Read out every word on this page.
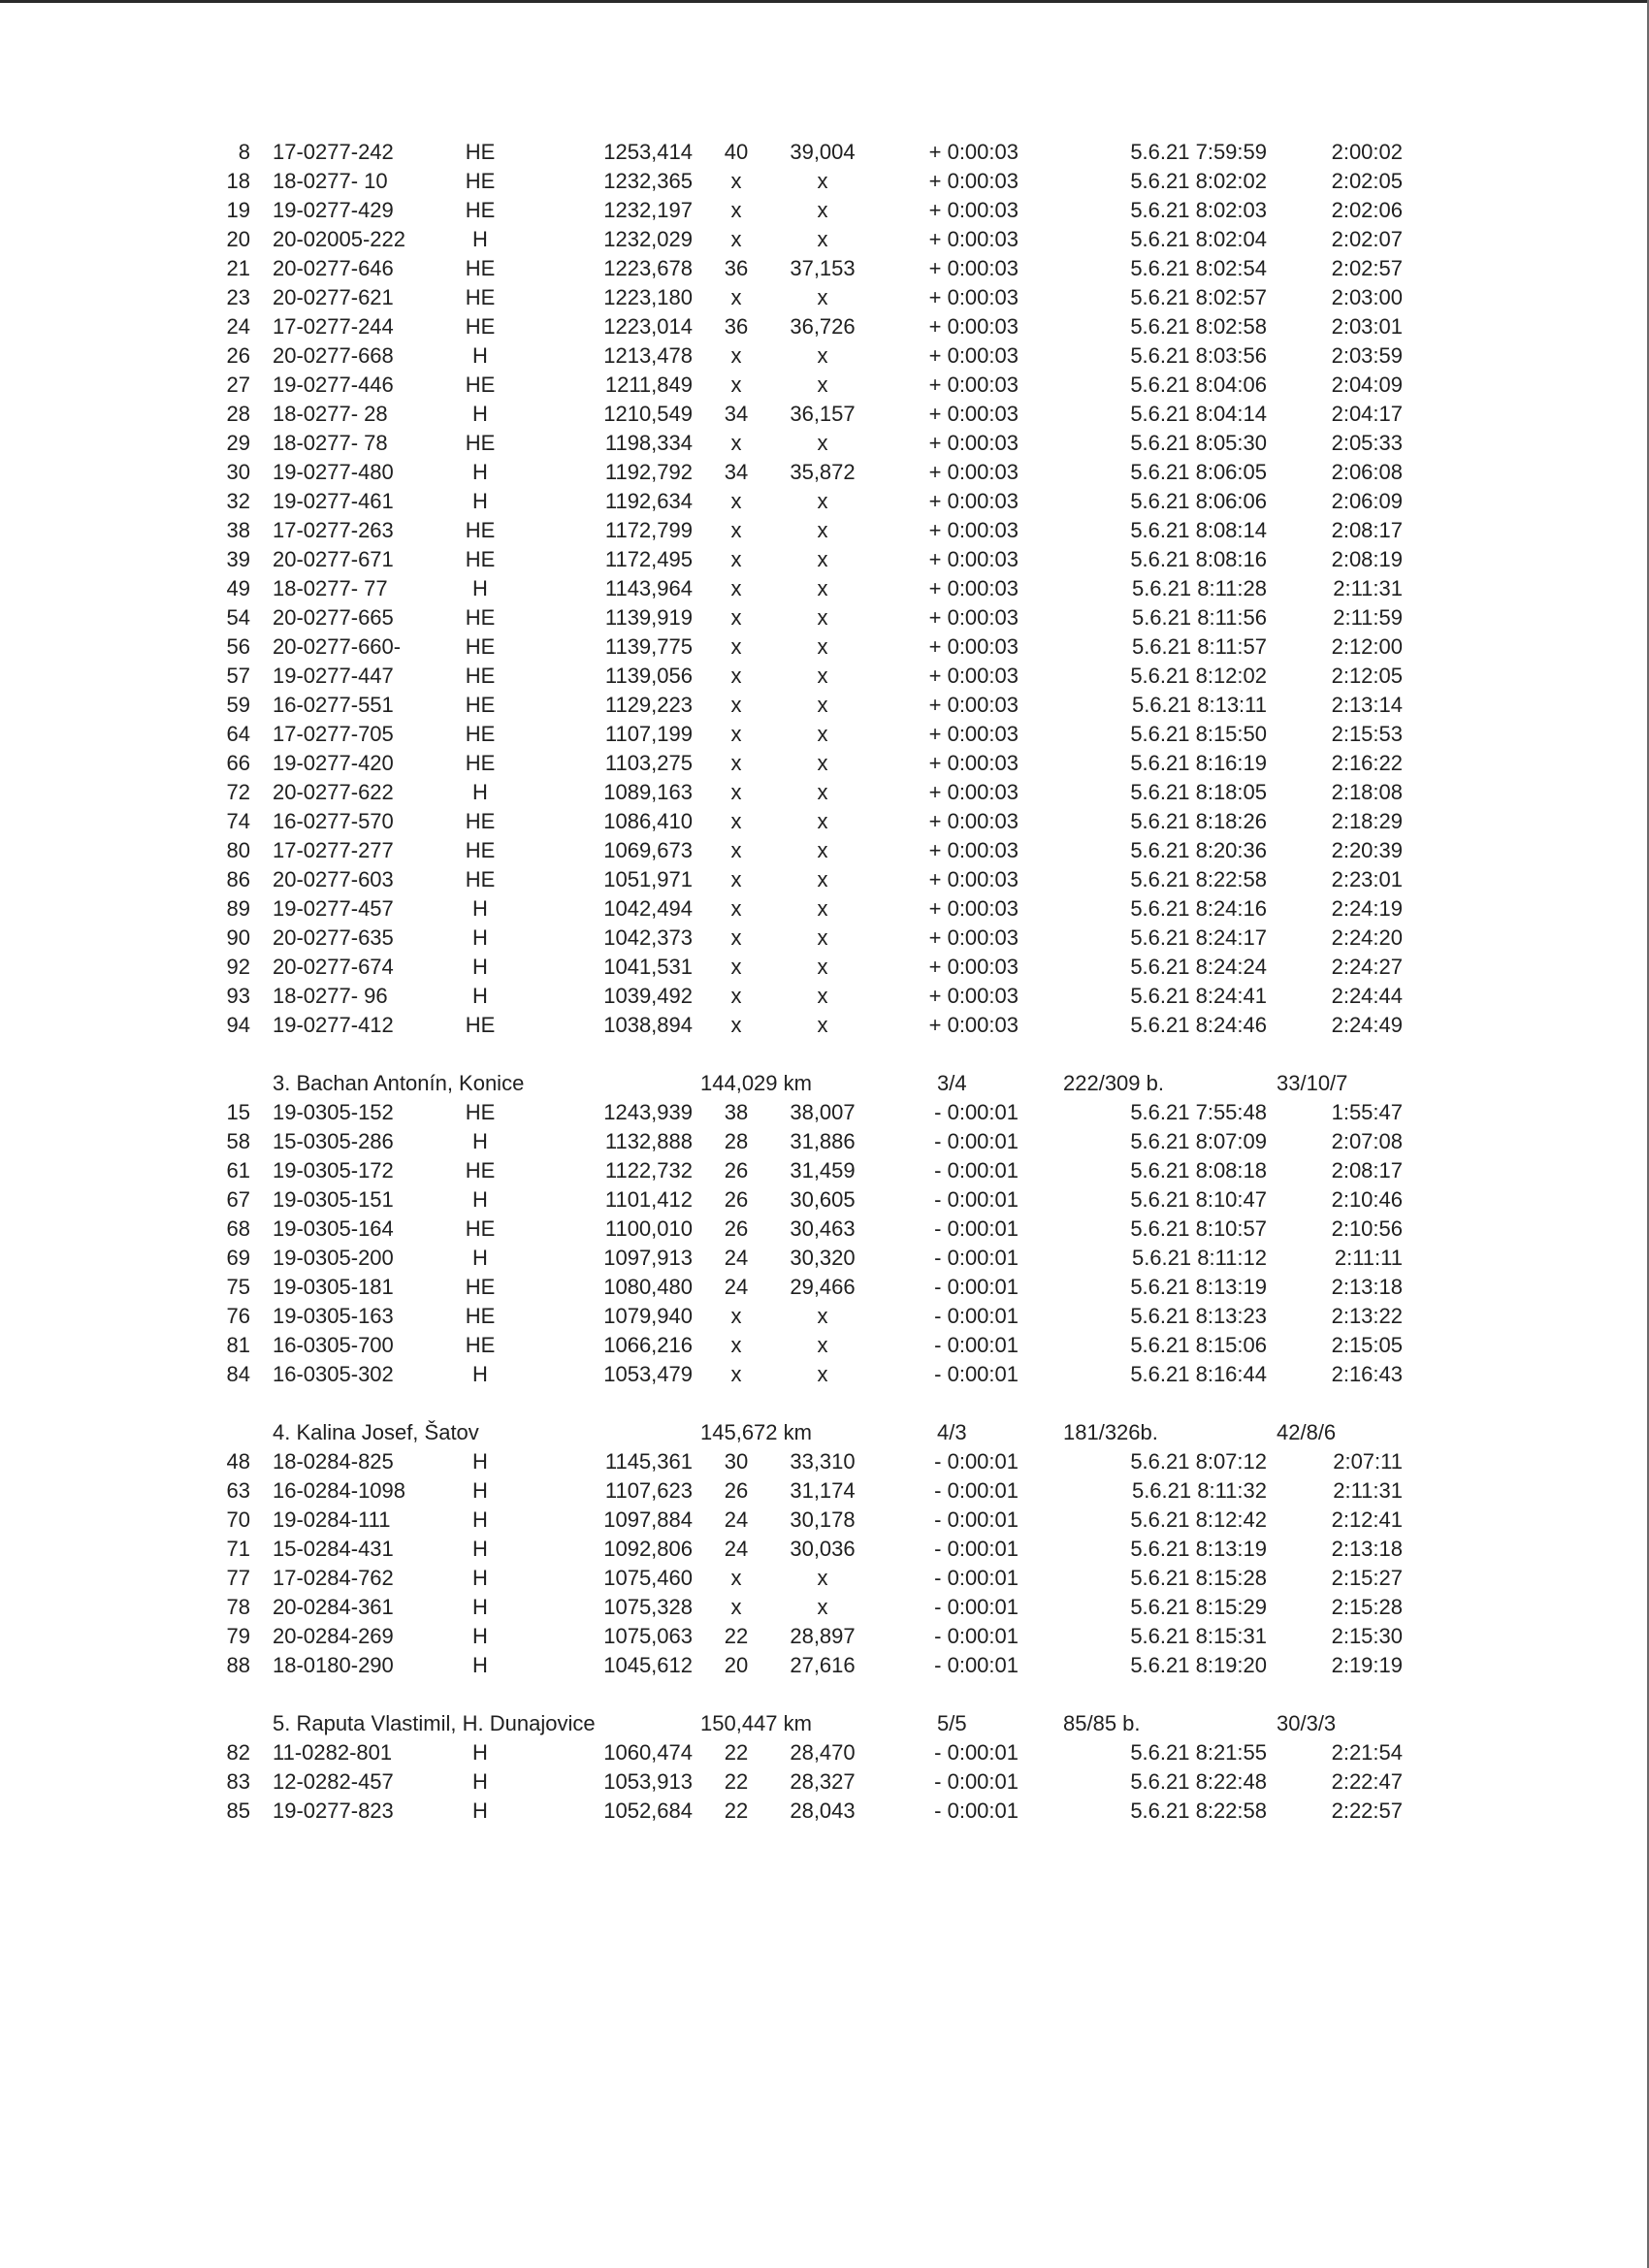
8 17-0277-242	HE	1253,414	40	39,004	+ 0:00:03	5.6.21 7:59:59	2:00:02
18 18-0277- 10	HE	1232,365	x	x	+ 0:00:03	5.6.21 8:02:02	2:02:05
19 19-0277-429	HE	1232,197	x	x	+ 0:00:03	5.6.21 8:02:03	2:02:06
20 20-02005-222	H	1232,029	x	x	+ 0:00:03	5.6.21 8:02:04	2:02:07
21 20-0277-646	HE	1223,678	36	37,153	+ 0:00:03	5.6.21 8:02:54	2:02:57
23 20-0277-621	HE	1223,180	x	x	+ 0:00:03	5.6.21 8:02:57	2:03:00
24 17-0277-244	HE	1223,014	36	36,726	+ 0:00:03	5.6.21 8:02:58	2:03:01
26 20-0277-668	H	1213,478	x	x	+ 0:00:03	5.6.21 8:03:56	2:03:59
27 19-0277-446	HE	1211,849	x	x	+ 0:00:03	5.6.21 8:04:06	2:04:09
28 18-0277- 28	H	1210,549	34	36,157	+ 0:00:03	5.6.21 8:04:14	2:04:17
29 18-0277- 78	HE	1198,334	x	x	+ 0:00:03	5.6.21 8:05:30	2:05:33
30 19-0277-480	H	1192,792	34	35,872	+ 0:00:03	5.6.21 8:06:05	2:06:08
32 19-0277-461	H	1192,634	x	x	+ 0:00:03	5.6.21 8:06:06	2:06:09
38 17-0277-263	HE	1172,799	x	x	+ 0:00:03	5.6.21 8:08:14	2:08:17
39 20-0277-671	HE	1172,495	x	x	+ 0:00:03	5.6.21 8:08:16	2:08:19
49 18-0277- 77	H	1143,964	x	x	+ 0:00:03	5.6.21 8:11:28	2:11:31
54 20-0277-665	HE	1139,919	x	x	+ 0:00:03	5.6.21 8:11:56	2:11:59
56 20-0277-660-	HE	1139,775	x	x	+ 0:00:03	5.6.21 8:11:57	2:12:00
57 19-0277-447	HE	1139,056	x	x	+ 0:00:03	5.6.21 8:12:02	2:12:05
59 16-0277-551	HE	1129,223	x	x	+ 0:00:03	5.6.21 8:13:11	2:13:14
64 17-0277-705	HE	1107,199	x	x	+ 0:00:03	5.6.21 8:15:50	2:15:53
66 19-0277-420	HE	1103,275	x	x	+ 0:00:03	5.6.21 8:16:19	2:16:22
72 20-0277-622	H	1089,163	x	x	+ 0:00:03	5.6.21 8:18:05	2:18:08
74 16-0277-570	HE	1086,410	x	x	+ 0:00:03	5.6.21 8:18:26	2:18:29
80 17-0277-277	HE	1069,673	x	x	+ 0:00:03	5.6.21 8:20:36	2:20:39
86 20-0277-603	HE	1051,971	x	x	+ 0:00:03	5.6.21 8:22:58	2:23:01
89 19-0277-457	H	1042,494	x	x	+ 0:00:03	5.6.21 8:24:16	2:24:19
90 20-0277-635	H	1042,373	x	x	+ 0:00:03	5.6.21 8:24:17	2:24:20
92 20-0277-674	H	1041,531	x	x	+ 0:00:03	5.6.21 8:24:24	2:24:27
93 18-0277- 96	H	1039,492	x	x	+ 0:00:03	5.6.21 8:24:41	2:24:44
94 19-0277-412	HE	1038,894	x	x	+ 0:00:03	5.6.21 8:24:46	2:24:49
3. Bachan Antonín, Konice	144,029 km	3/4	222/309 b.	33/10/7
15 19-0305-152	HE	1243,939	38	38,007	- 0:00:01	5.6.21 7:55:48	1:55:47
58 15-0305-286	H	1132,888	28	31,886	- 0:00:01	5.6.21 8:07:09	2:07:08
61 19-0305-172	HE	1122,732	26	31,459	- 0:00:01	5.6.21 8:08:18	2:08:17
67 19-0305-151	H	1101,412	26	30,605	- 0:00:01	5.6.21 8:10:47	2:10:46
68 19-0305-164	HE	1100,010	26	30,463	- 0:00:01	5.6.21 8:10:57	2:10:56
69 19-0305-200	H	1097,913	24	30,320	- 0:00:01	5.6.21 8:11:12	2:11:11
75 19-0305-181	HE	1080,480	24	29,466	- 0:00:01	5.6.21 8:13:19	2:13:18
76 19-0305-163	HE	1079,940	x	x	- 0:00:01	5.6.21 8:13:23	2:13:22
81 16-0305-700	HE	1066,216	x	x	- 0:00:01	5.6.21 8:15:06	2:15:05
84 16-0305-302	H	1053,479	x	x	- 0:00:01	5.6.21 8:16:44	2:16:43
4. Kalina Josef, Šatov	145,672 km	4/3	181/326b.	42/8/6
48 18-0284-825	H	1145,361	30	33,310	- 0:00:01	5.6.21 8:07:12	2:07:11
63 16-0284-1098	H	1107,623	26	31,174	- 0:00:01	5.6.21 8:11:32	2:11:31
70 19-0284-111	H	1097,884	24	30,178	- 0:00:01	5.6.21 8:12:42	2:12:41
71 15-0284-431	H	1092,806	24	30,036	- 0:00:01	5.6.21 8:13:19	2:13:18
77 17-0284-762	H	1075,460	x	x	- 0:00:01	5.6.21 8:15:28	2:15:27
78 20-0284-361	H	1075,328	x	x	- 0:00:01	5.6.21 8:15:29	2:15:28
79 20-0284-269	H	1075,063	22	28,897	- 0:00:01	5.6.21 8:15:31	2:15:30
88 18-0180-290	H	1045,612	20	27,616	- 0:00:01	5.6.21 8:19:20	2:19:19
5. Raputa Vlastimil, H. Dunajovice	150,447 km	5/5	85/85 b.	30/3/3
82 11-0282-801	H	1060,474	22	28,470	- 0:00:01	5.6.21 8:21:55	2:21:54
83 12-0282-457	H	1053,913	22	28,327	- 0:00:01	5.6.21 8:22:48	2:22:47
85 19-0277-823	H	1052,684	22	28,043	- 0:00:01	5.6.21 8:22:58	2:22:57
